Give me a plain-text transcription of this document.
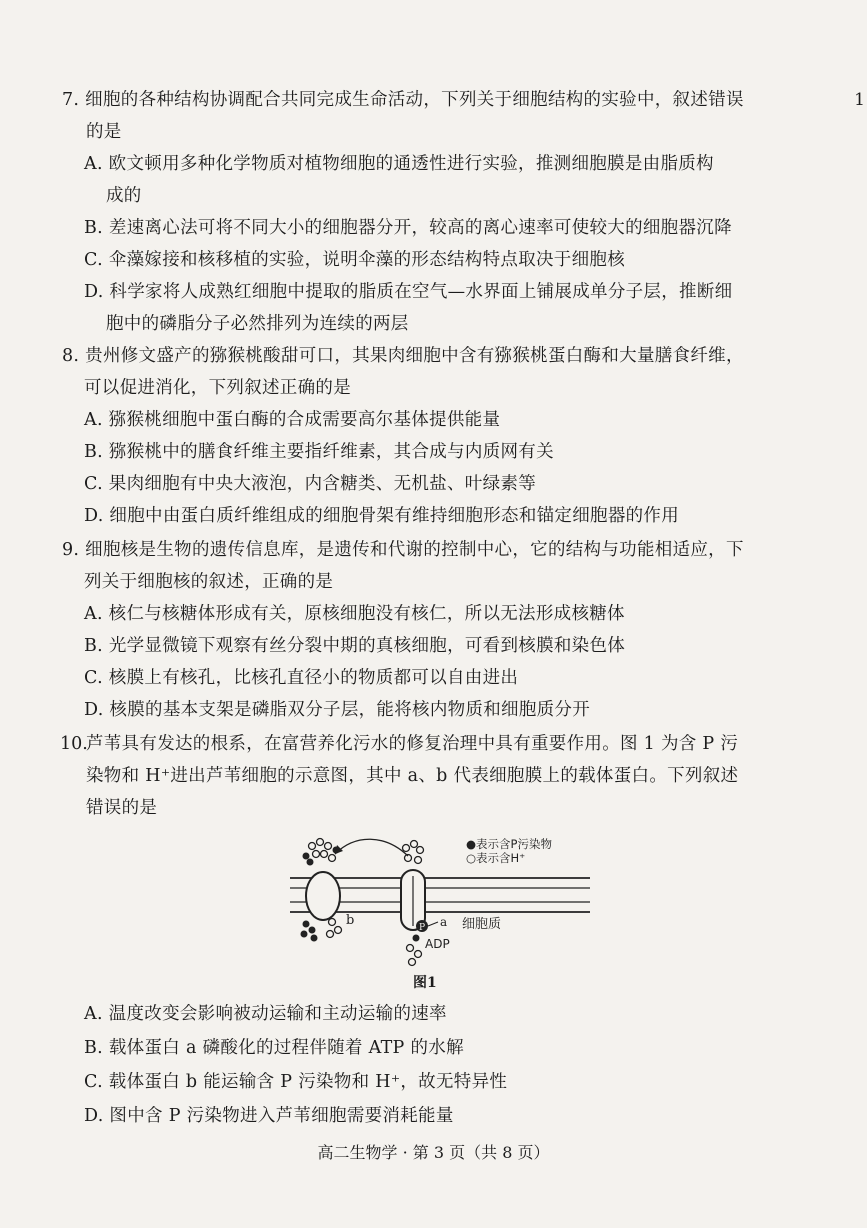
1
7. 细胞的各种结构协调配合共同完成生命活动，下列关于细胞结构的实验中，叙述错误
的是
A. 欧文顿用多种化学物质对植物细胞的通透性进行实验，推测细胞膜是由脂质构
成的
B. 差速离心法可将不同大小的细胞器分开，较高的离心速率可使较大的细胞器沉降
C. 伞藻嫁接和核移植的实验，说明伞藻的形态结构特点取决于细胞核
D. 科学家将人成熟红细胞中提取的脂质在空气—水界面上铺展成单分子层，推断细
胞中的磷脂分子必然排列为连续的两层
8. 贵州修文盛产的猕猴桃酸甜可口，其果肉细胞中含有猕猴桃蛋白酶和大量膳食纤维，
可以促进消化，下列叙述正确的是
A. 猕猴桃细胞中蛋白酶的合成需要高尔基体提供能量
B. 猕猴桃中的膳食纤维主要指纤维素，其合成与内质网有关
C. 果肉细胞有中央大液泡，内含糖类、无机盐、叶绿素等
D. 细胞中由蛋白质纤维组成的细胞骨架有维持细胞形态和锚定细胞器的作用
9. 细胞核是生物的遗传信息库，是遗传和代谢的控制中心，它的结构与功能相适应，下
列关于细胞核的叙述，正确的是
A. 核仁与核糖体形成有关，原核细胞没有核仁，所以无法形成核糖体
B. 光学显微镜下观察有丝分裂中期的真核细胞，可看到核膜和染色体
C. 核膜上有核孔，比核孔直径小的物质都可以自由进出
D. 核膜的基本支架是磷脂双分子层，能将核内物质和细胞质分开
10.
芦苇具有发达的根系，在富营养化污水的修复治理中具有重要作用。图 1 为含 P 污
染物和 H⁺进出芦苇细胞的示意图，其中 a、b 代表细胞膜上的载体蛋白。下列叙述
错误的是
b	P a
ADP
细胞质
●表示含P污染物
○表示含H⁺
图1
A. 温度改变会影响被动运输和主动运输的速率
B. 载体蛋白 a 磷酸化的过程伴随着 ATP 的水解
C. 载体蛋白 b 能运输含 P 污染物和 H⁺，故无特异性
D. 图中含 P 污染物进入芦苇细胞需要消耗能量
高二生物学 · 第 3 页（共 8 页）
